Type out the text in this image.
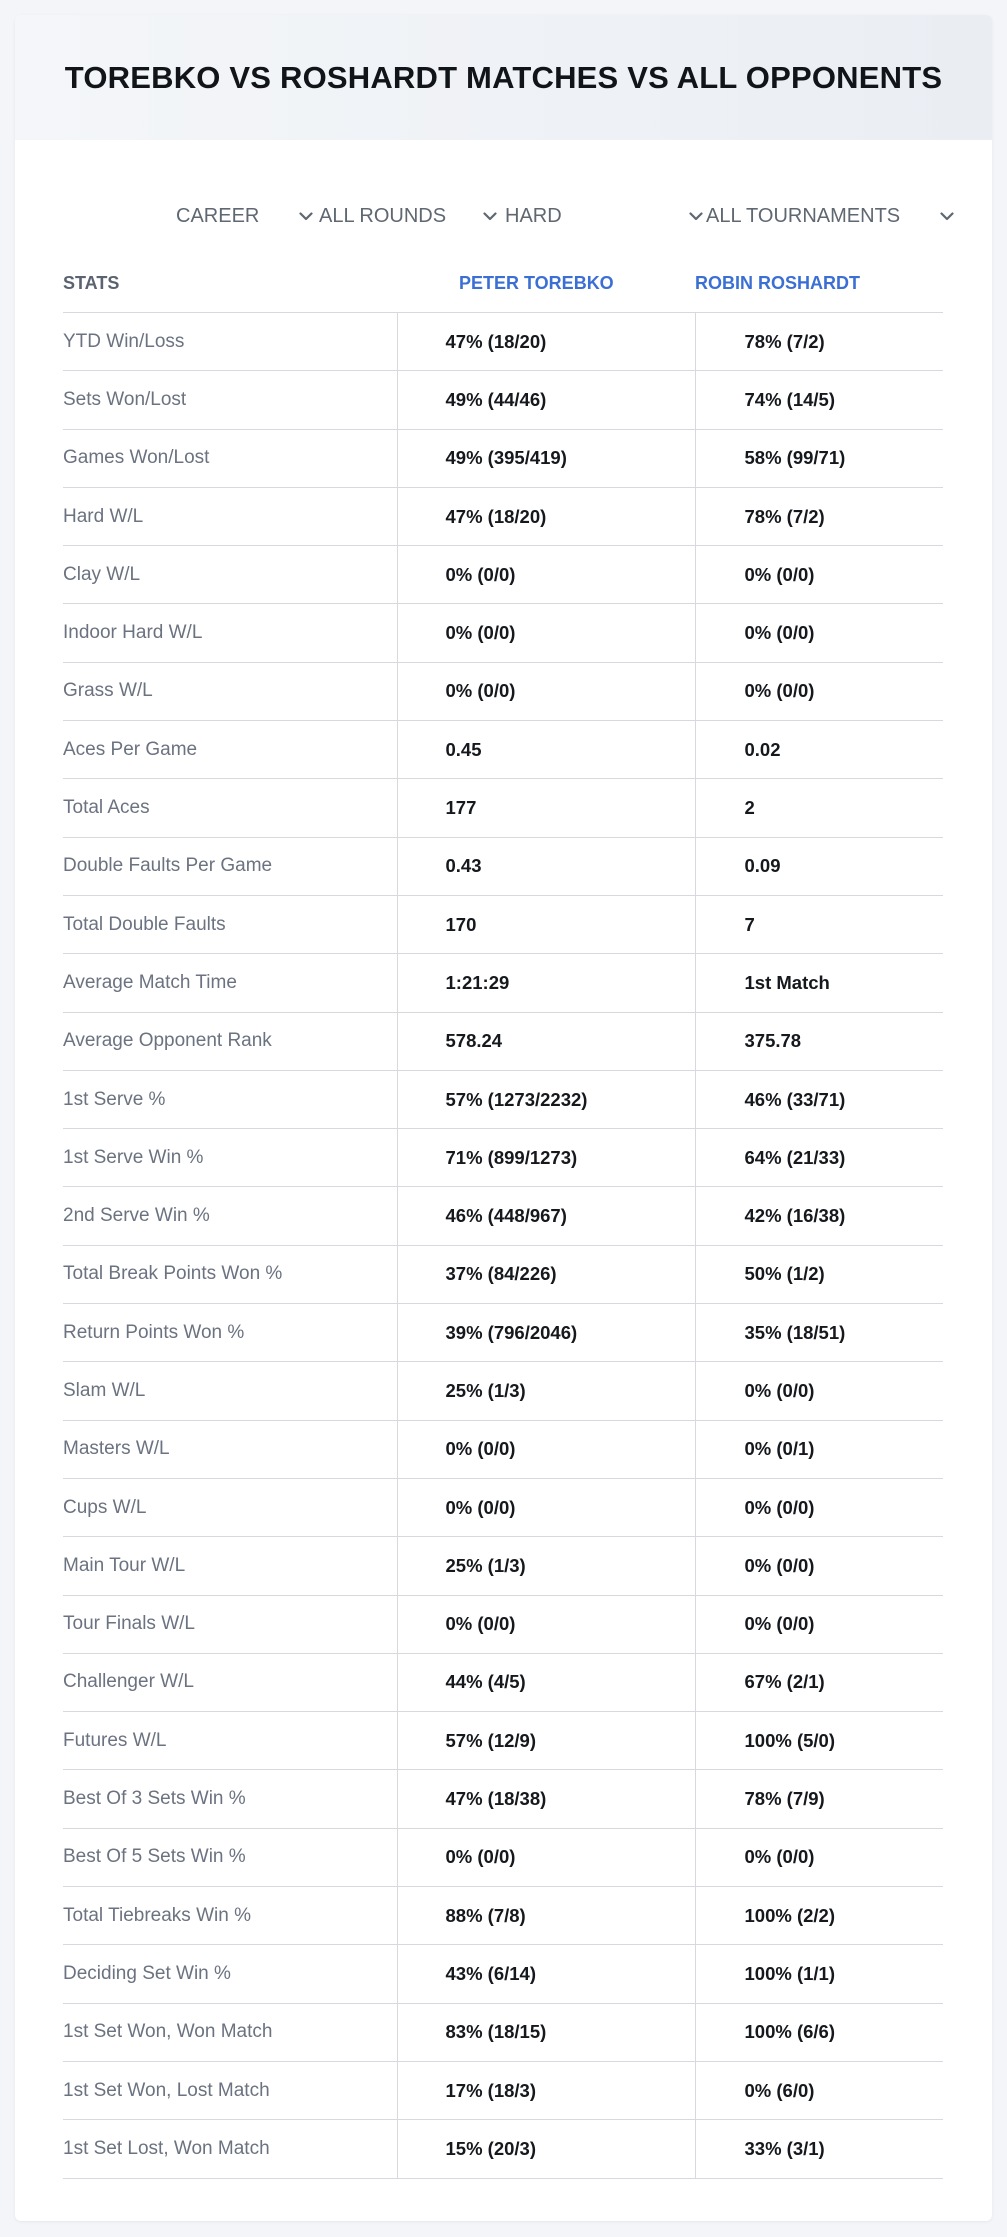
TOREBKO VS ROSHARDT MATCHES VS ALL OPPONENTS
CAREER	ALL ROUNDS	HARD	ALL TOURNAMENTS
STATS	PETER TOREBKO	ROBIN ROSHARDT
YTD Win/Loss	47% (18/20)	78% (7/2)
Sets Won/Lost	49% (44/46)	74% (14/5)
Games Won/Lost	49% (395/419)	58% (99/71)
Hard W/L	47% (18/20)	78% (7/2)
Clay W/L	0% (0/0)	0% (0/0)
Indoor Hard W/L	0% (0/0)	0% (0/0)
Grass W/L	0% (0/0)	0% (0/0)
Aces Per Game	0.45	0.02
Total Aces	177	2
Double Faults Per Game	0.43	0.09
Total Double Faults	170	7
Average Match Time	1:21:29	1st Match
Average Opponent Rank	578.24	375.78
1st Serve %	57% (1273/2232)	46% (33/71)
1st Serve Win %	71% (899/1273)	64% (21/33)
2nd Serve Win %	46% (448/967)	42% (16/38)
Total Break Points Won %	37% (84/226)	50% (1/2)
Return Points Won %	39% (796/2046)	35% (18/51)
Slam W/L	25% (1/3)	0% (0/0)
Masters W/L	0% (0/0)	0% (0/1)
Cups W/L	0% (0/0)	0% (0/0)
Main Tour W/L	25% (1/3)	0% (0/0)
Tour Finals W/L	0% (0/0)	0% (0/0)
Challenger W/L	44% (4/5)	67% (2/1)
Futures W/L	57% (12/9)	100% (5/0)
Best Of 3 Sets Win %	47% (18/38)	78% (7/9)
Best Of 5 Sets Win %	0% (0/0)	0% (0/0)
Total Tiebreaks Win %	88% (7/8)	100% (2/2)
Deciding Set Win %	43% (6/14)	100% (1/1)
1st Set Won, Won Match	83% (18/15)	100% (6/6)
1st Set Won, Lost Match	17% (18/3)	0% (6/0)
1st Set Lost, Won Match	15% (20/3)	33% (3/1)
